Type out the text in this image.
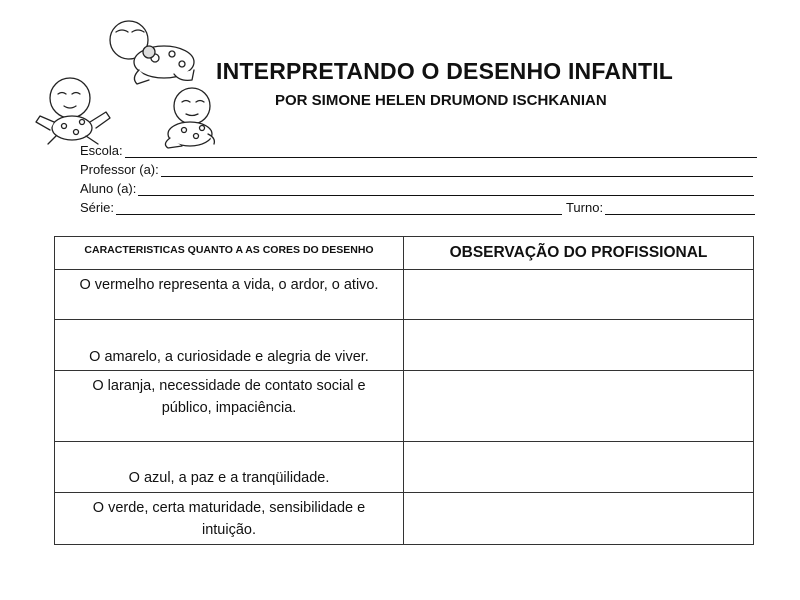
INTERPRETANDO O DESENHO INFANTIL
POR SIMONE HELEN DRUMOND ISCHKANIAN
Escola:
Professor (a):
Aluno (a):
Série:	Turno:
CARACTERISTICAS QUANTO A AS CORES DO DESENHO	OBSERVAÇÃO DO PROFISSIONAL
O vermelho representa a vida, o ardor, o ativo.	
O amarelo, a curiosidade e alegria de viver.	
O laranja, necessidade de contato social e público, impaciência.	
O azul, a paz e a tranqüilidade.	
O verde, certa maturidade, sensibilidade e intuição.	
